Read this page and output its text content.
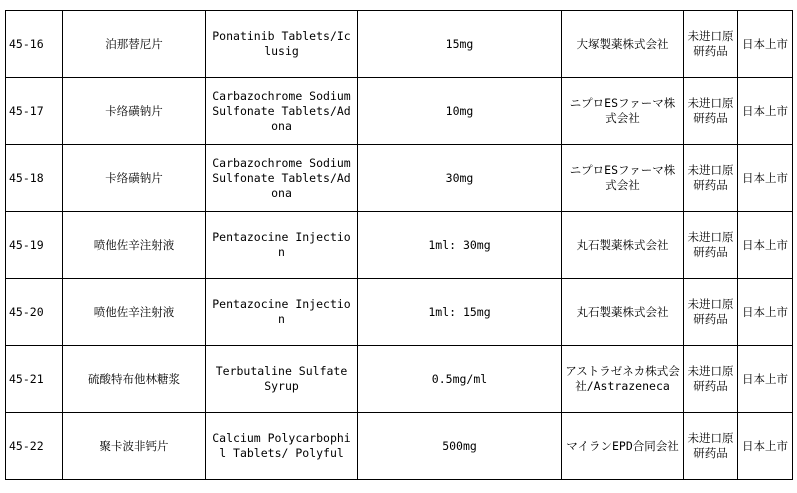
45-16	泊那替尼片	Ponatinib Tablets/Iclusig	15mg	大塚製薬株式会社	未进口原研药品	日本上市
45-17	卡络磺钠片	Carbazochrome Sodium Sulfonate Tablets/Adona	10mg	ニプロESファーマ株式会社	未进口原研药品	日本上市
45-18	卡络磺钠片	Carbazochrome Sodium Sulfonate Tablets/Adona	30mg	ニプロESファーマ株式会社	未进口原研药品	日本上市
45-19	喷他佐辛注射液	Pentazocine Injection	1ml: 30mg	丸石製薬株式会社	未进口原研药品	日本上市
45-20	喷他佐辛注射液	Pentazocine Injection	1ml: 15mg	丸石製薬株式会社	未进口原研药品	日本上市
45-21	硫酸特布他林糖浆	Terbutaline Sulfate Syrup	0.5mg/ml	アストラゼネカ株式会社/Astrazeneca	未进口原研药品	日本上市
45-22	聚卡波非钙片	Calcium Polycarbophil Tablets/ Polyful	500mg	マイランEPD合同会社	未进口原研药品	日本上市
